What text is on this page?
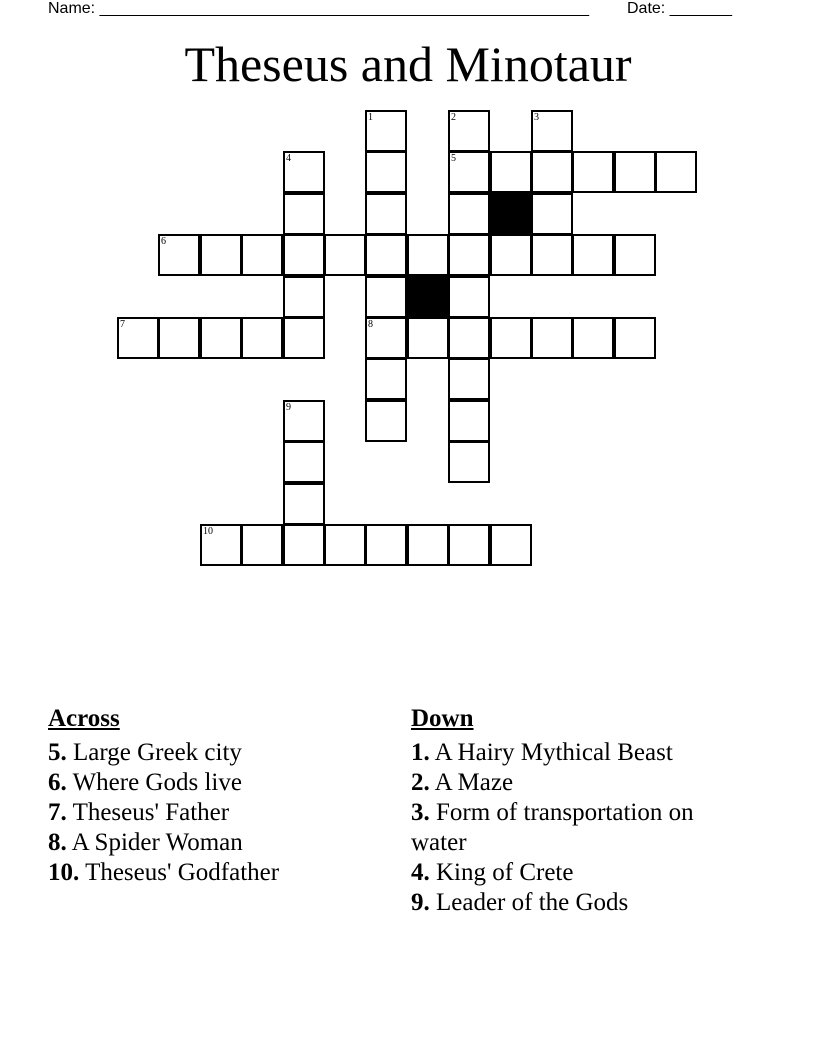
Name: _______________________________________________________ Date: _______
Theseus and Minotaur
1	2	3
4	5
6
7	8
9
10
Across

5. Large Greek city

6. Where Gods live

7. Theseus' Father

8. A Spider Woman

10. Theseus' Godfather

Down

1. A Hairy Mythical Beast

2. A Maze

3. Form of transportation on water

4. King of Crete

9. Leader of the Gods
